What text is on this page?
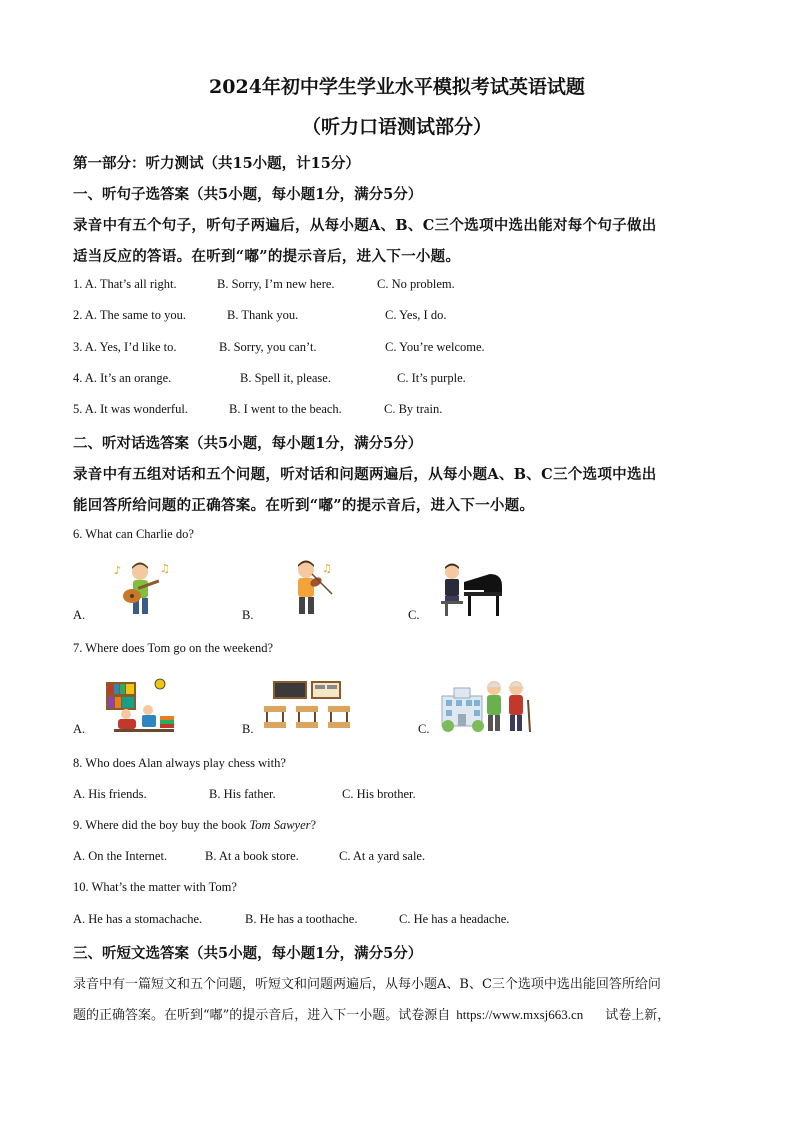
2024年初中学生学业水平模拟考试英语试题
（听力口语测试部分）
第一部分：听力测试（共15小题，计15分）
一、听句子选答案（共5小题，每小题1分，满分5分）
录音中有五个句子，听句子两遍后，从每小题A、B、C三个选项中选出能对每个句子做出
适当反应的答语。在听到“嘟”的提示音后，进入下一小题。
1. A. That’s all right.	B. Sorry, I’m new here.	C. No problem.
2. A. The same to you.	B. Thank you.	C. Yes, I do.
3. A. Yes, I’d like to.	B. Sorry, you can’t.	C. You’re welcome.
4. A. It’s an orange.	B. Spell it, please.	C. It’s purple.
5. A. It was wonderful.	B. I went to the beach.	C. By train.
二、听对话选答案（共5小题，每小题1分，满分5分）
录音中有五组对话和五个问题，听对话和问题两遍后，从每小题A、B、C三个选项中选出
能回答所给问题的正确答案。在听到“嘟”的提示音后，进入下一小题。
6. What can Charlie do?
A.
♪	♫
B.
♫
C.
7. Where does Tom go on the weekend?
A.	B.	C.
8. Who does Alan always play chess with?
A. His friends.	B. His father.	C. His brother.
9. Where did the boy buy the book Tom Sawyer?
A. On the Internet.	B. At a book store.	C. At a yard sale.
10. What’s the matter with Tom?
A. He has a stomachache.	B. He has a toothache.	C. He has a headache.
三、听短文选答案（共5小题，每小题1分，满分5分）
录音中有一篇短文和五个问题，听短文和问题两遍后，从每小题A、B、C三个选项中选出能回答所给问
题的正确答案。在听到“嘟”的提示音后，进入下一小题。试卷源自 https://www.mxsj663.cn 试卷上新，
